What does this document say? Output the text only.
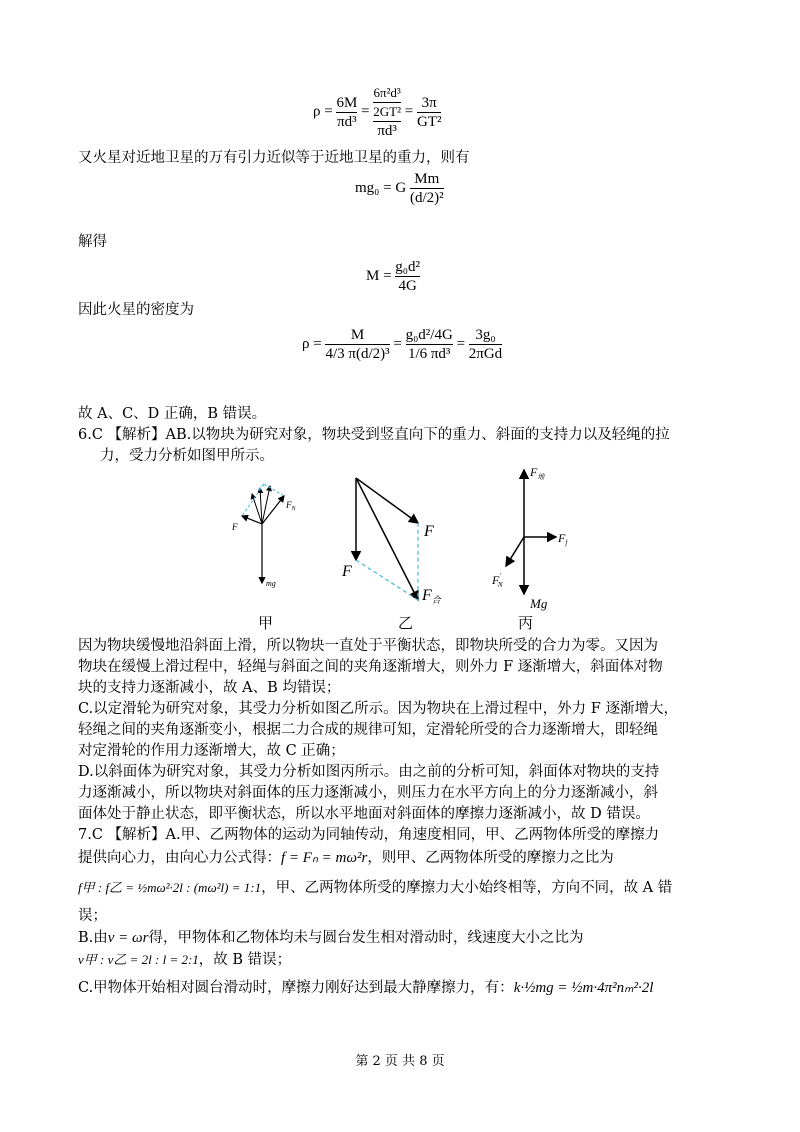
$\rho = \frac{6M}{\text{πd³}} = \frac{\frac{\text{6π²d³}}{\text{2GT²}}}{\text{πd³}} = \frac{3\pi}{\text{GT²}}$
又火星对近地卫星的万有引力近似等于近地卫星的重力，则有
mg₀ = G $\frac{Mm}{\text{(d/2)²}}$
解得
$M = \frac{\text{g₀d²}}{4G}$
因此火星的密度为
$\rho = \frac{M}{\text{4/3 π(d/2)³}} = \frac{\text{g₀d²/4G}}{\text{1/6 πd³}} = \frac{\text{3g₀}}{\text{2πGd}}$
故 A、C、D 正确，B 错误。
6.C 【解析】AB.以物块为研究对象，物块受到竖直向下的重力、斜面的支持力以及轻绳的拉
力，受力分析如图甲所示。
$F_N$
F
mg
F
F
F合
$F_地$
$F_f$
F′ N
Mg
甲	乙	丙
因为物块缓慢地沿斜面上滑，所以物块一直处于平衡状态，即物块所受的合力为零。又因为
物块在缓慢上滑过程中，轻绳与斜面之间的夹角逐渐增大，则外力 F 逐渐增大，斜面体对物
块的支持力逐渐减小，故 A、B 均错误；
C.以定滑轮为研究对象，其受力分析如图乙所示。因为物块在上滑过程中，外力 F 逐渐增大，
轻绳之间的夹角逐渐变小，根据二力合成的规律可知，定滑轮所受的合力逐渐增大，即轻绳
对定滑轮的作用力逐渐增大，故 C 正确；
D.以斜面体为研究对象，其受力分析如图丙所示。由之前的分析可知，斜面体对物块的支持
力逐渐减小，所以物块对斜面体的压力逐渐减小，则压力在水平方向上的分力逐渐减小，斜
面体处于静止状态，即平衡状态，所以水平地面对斜面体的摩擦力逐渐减小，故 D 错误。
7.C 【解析】A.甲、乙两物体的运动为同轴传动，角速度相同，甲、乙两物体所受的摩擦力
提供向心力，由向心力公式得：f = Fₙ = mω²r，则甲、乙两物体所受的摩擦力之比为
f甲 : f乙 = ½mω²·2l : (mω²l) = 1:1，甲、乙两物体所受的摩擦力大小始终相等，方向不同，故 A 错
误；
B.由v = ωr得，甲物体和乙物体均未与圆台发生相对滑动时，线速度大小之比为
v甲 : v乙 = 2l : l = 2:1，故 B 错误；
C.甲物体开始相对圆台滑动时，摩擦力刚好达到最大静摩擦力，有：k·½mg = ½m·4π²nₘ²·2l
第 2 页 共 8 页
